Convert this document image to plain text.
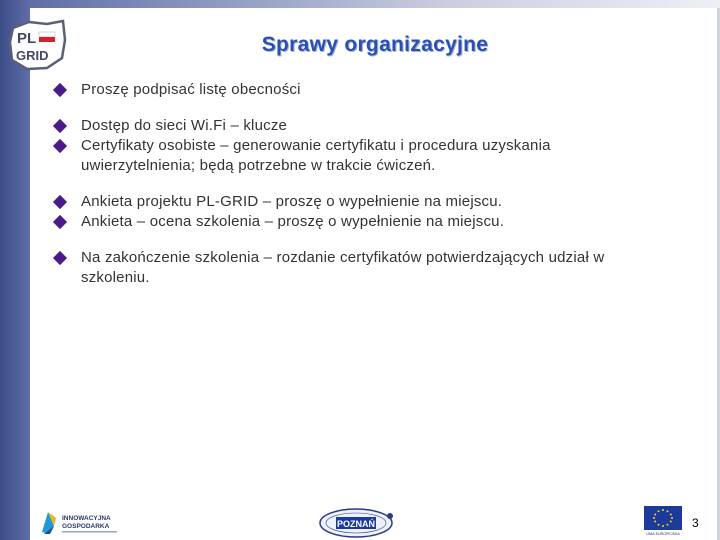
PL
GRID	Sprawy organizacyjne
Proszę podpisać listę obecności
Dostęp do sieci Wi.Fi – klucze
Certyfikaty osobiste – generowanie certyfikatu i procedura uzyskania uwierzytelnienia; będą potrzebne w trakcie ćwiczeń.
Ankieta projektu PL-GRID – proszę o wypełnienie na miejscu.
Ankieta – ocena szkolenia – proszę o wypełnienie na miejscu.
Na zakończenie szkolenia – rozdanie certyfikatów potwierdzających udział w szkoleniu.
INNOWACYJNA
GOSPODARKA	POZNAŃ
UNIA EUROPEJSKA
3
